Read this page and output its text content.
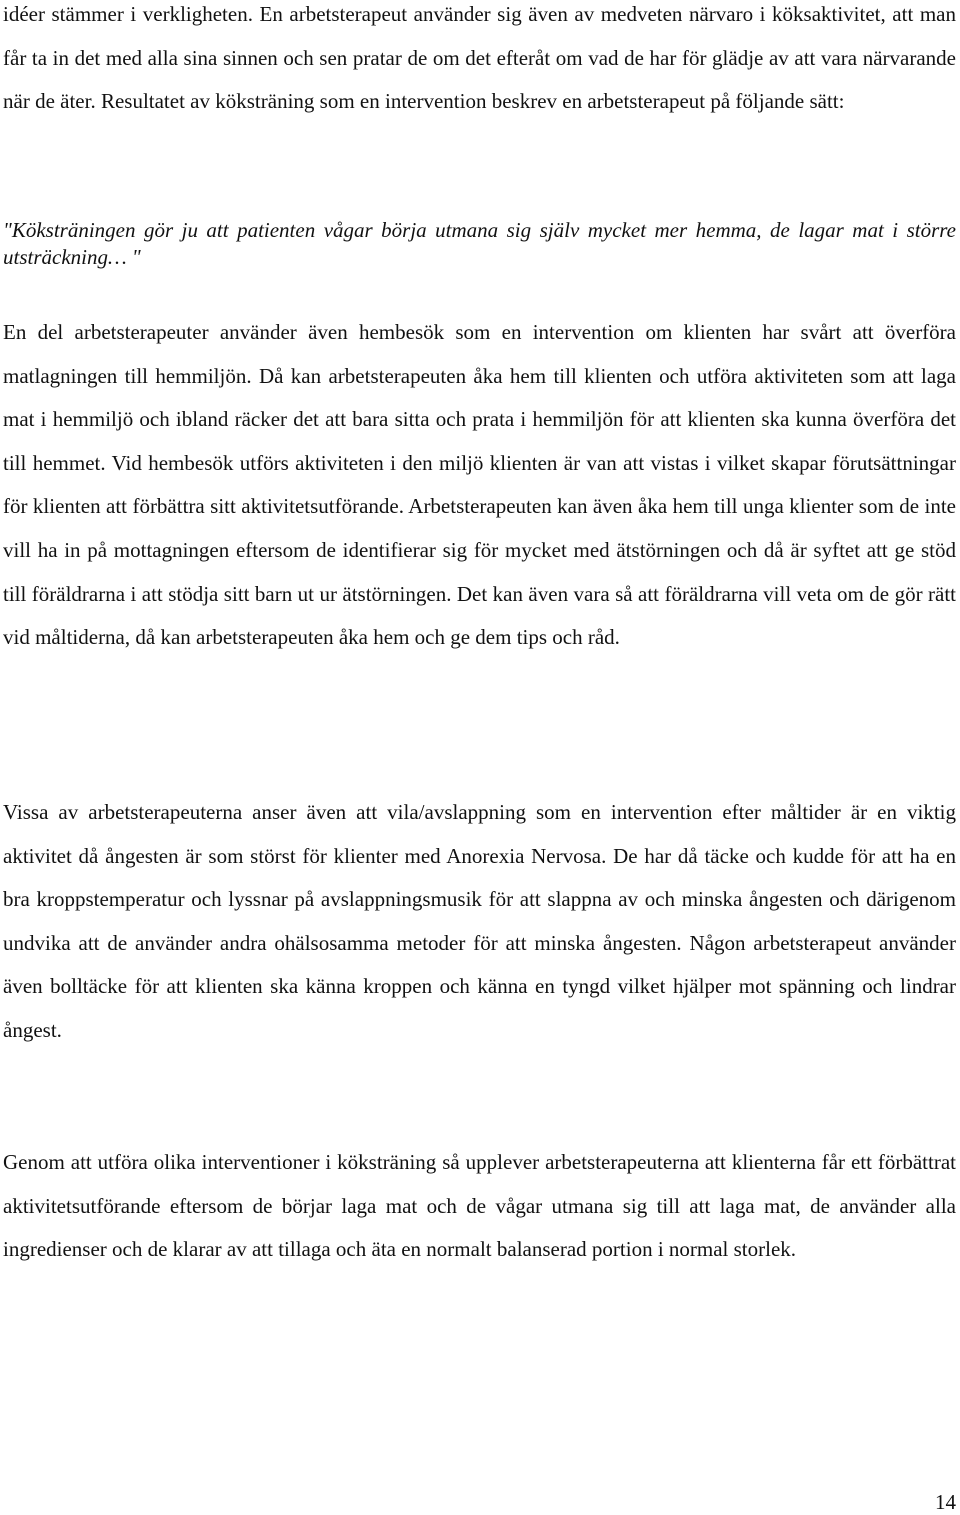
idéer stämmer i verkligheten. En arbetsterapeut använder sig även av medveten närvaro i köksaktivitet, att man får ta in det med alla sina sinnen och sen pratar de om det efteråt om vad de har för glädje av att vara närvarande när de äter. Resultatet av köksträning som en intervention beskrev en arbetsterapeut på följande sätt:

"Köksträningen gör ju att patienten vågar börja utmana sig själv mycket mer hemma, de lagar mat i större utsträckning… "

En del arbetsterapeuter använder även hembesök som en intervention om klienten har svårt att överföra matlagningen till hemmiljön. Då kan arbetsterapeuten åka hem till klienten och utföra aktiviteten som att laga mat i hemmiljö och ibland räcker det att bara sitta och prata i hemmiljön för att klienten ska kunna överföra det till hemmet. Vid hembesök utförs aktiviteten i den miljö klienten är van att vistas i vilket skapar förutsättningar för klienten att förbättra sitt aktivitetsutförande. Arbetsterapeuten kan även åka hem till unga klienter som de inte vill ha in på mottagningen eftersom de identifierar sig för mycket med ätstörningen och då är syftet att ge stöd till föräldrarna i att stödja sitt barn ut ur ätstörningen. Det kan även vara så att föräldrarna vill veta om de gör rätt vid måltiderna, då kan arbetsterapeuten åka hem och ge dem tips och råd.

Vissa av arbetsterapeuterna anser även att vila/avslappning som en intervention efter måltider är en viktig aktivitet då ångesten är som störst för klienter med Anorexia Nervosa. De har då täcke och kudde för att ha en bra kroppstemperatur och lyssnar på avslappningsmusik för att slappna av och minska ångesten och därigenom undvika att de använder andra ohälsosamma metoder för att minska ångesten. Någon arbetsterapeut använder även bolltäcke för att klienten ska känna kroppen och känna en tyngd vilket hjälper mot spänning och lindrar ångest.

Genom att utföra olika interventioner i köksträning så upplever arbetsterapeuterna att klienterna får ett förbättrat aktivitetsutförande eftersom de börjar laga mat och de vågar utmana sig till att laga mat, de använder alla ingredienser och de klarar av att tillaga och äta en normalt balanserad portion i normal storlek.

14
